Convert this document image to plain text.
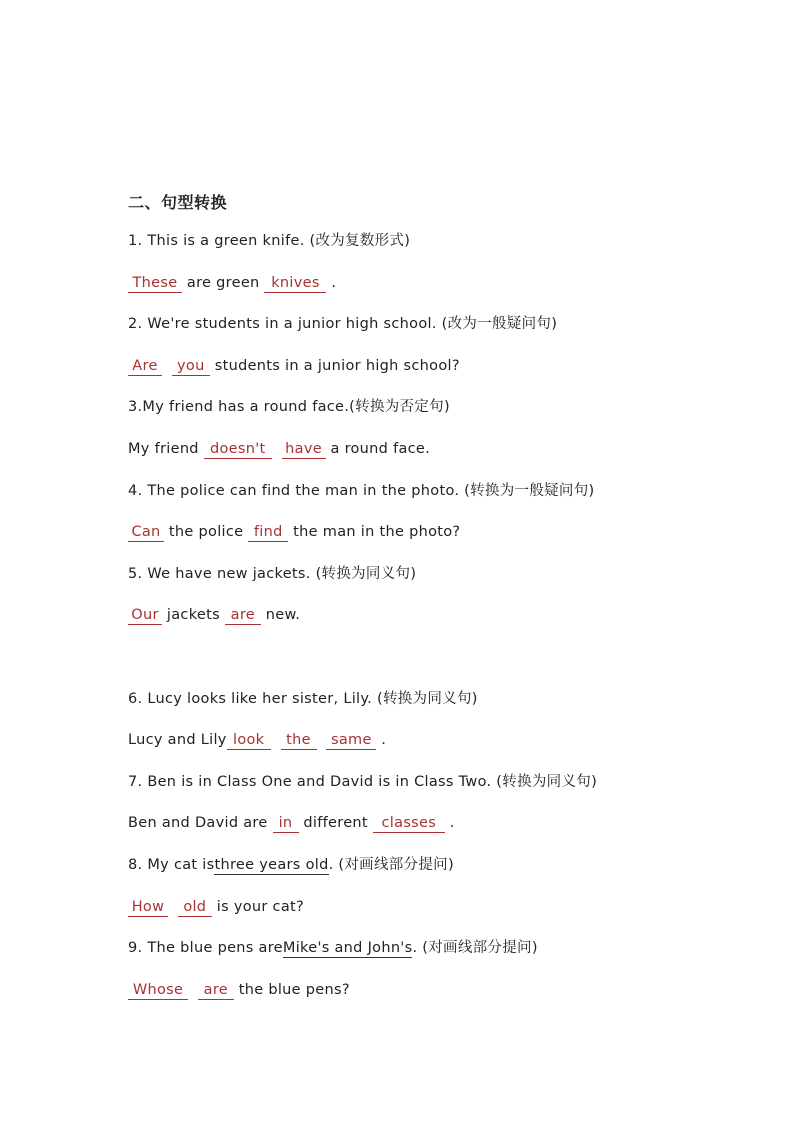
二、句型转换
1. This is a green knife. (改为复数形式)
These are green knives .
2. We're students in a junior high school. (改为一般疑问句)
Are you students in a junior high school?
3.My friend has a round face.(转换为否定句)
My friend doesn't have a round face.
4. The police can find the man in the photo. (转换为一般疑问句)
Can the police find the man in the photo?
5. We have new jackets. (转换为同义句)
Our jackets are new.
6. Lucy looks like her sister, Lily. (转换为同义句)
Lucy and Lily look the same .
7. Ben is in Class One and David is in Class Two. (转换为同义句)
Ben and David are in different classes .
8. My cat isthree years old. (对画线部分提问)
How old is your cat?
9. The blue pens areMike's and John's. (对画线部分提问)
Whose are the blue pens?
